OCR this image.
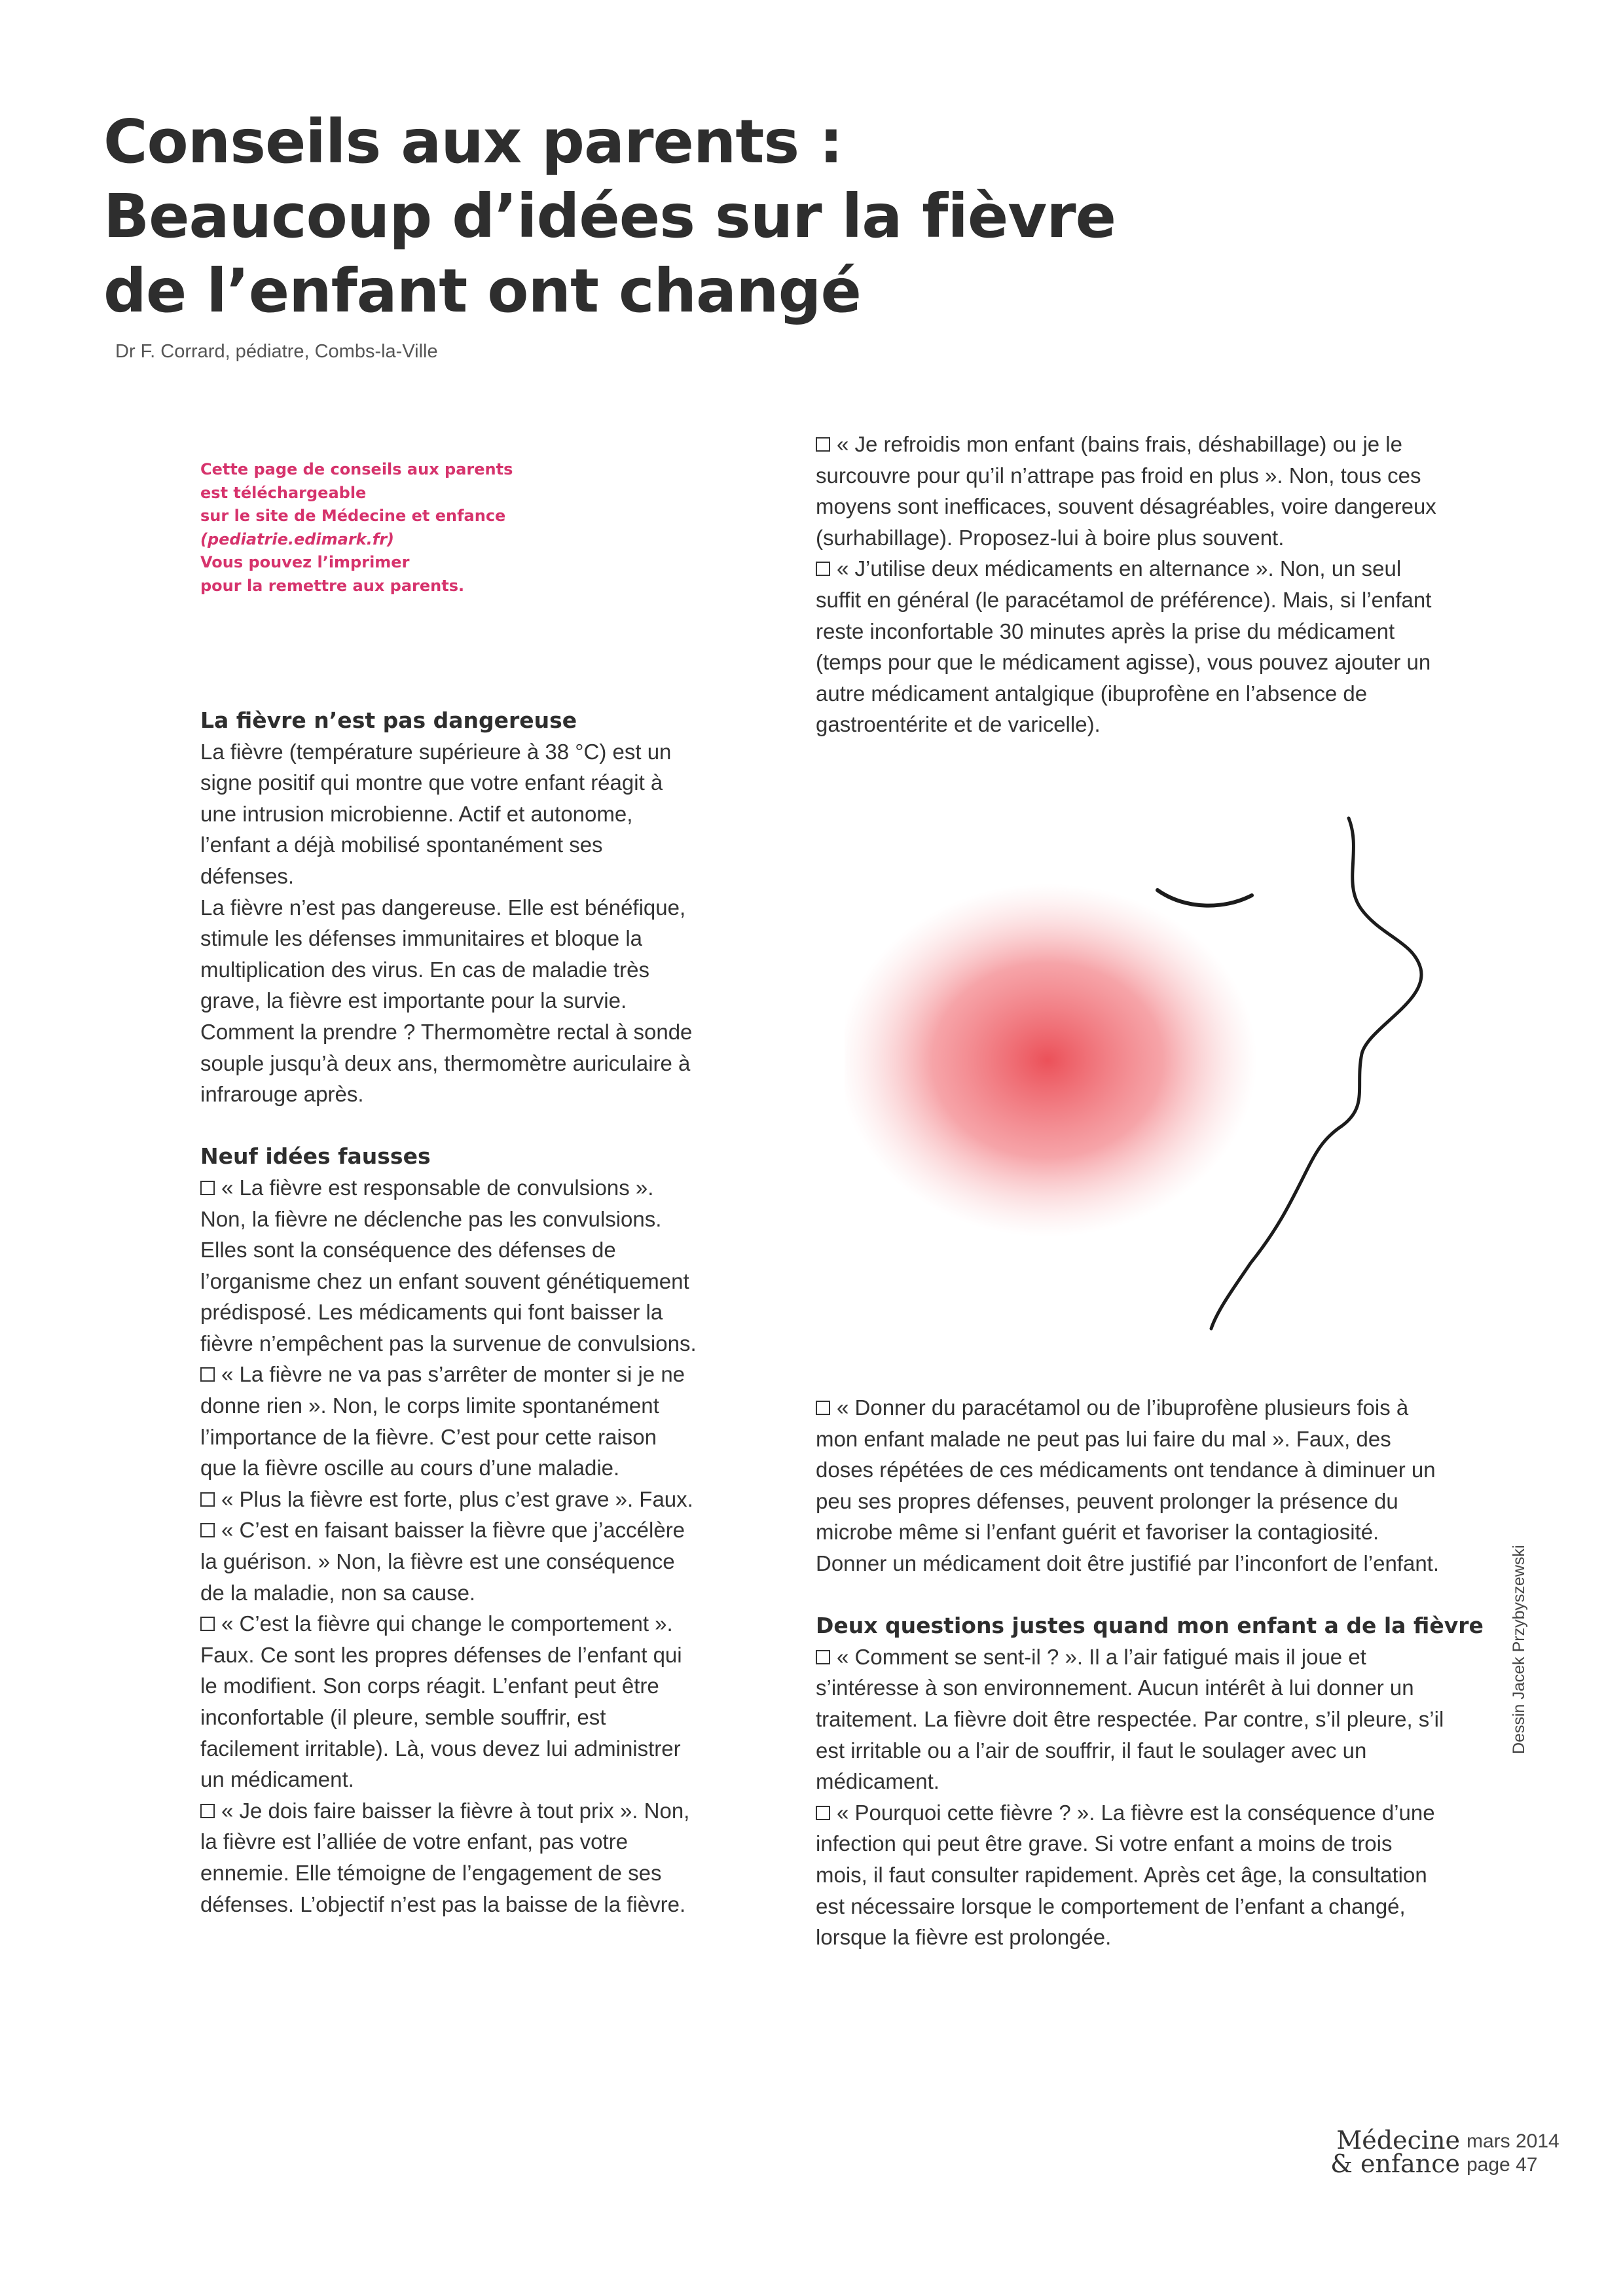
Conseils aux parents :
Beaucoup d’idées sur la fièvre
de l’enfant ont changé
Dr F. Corrard, pédiatre, Combs-la-Ville
Cette page de conseils aux parents
est téléchargeable
sur le site de Médecine et enfance
(pediatrie.edimark.fr)
Vous pouvez l’imprimer
pour la remettre aux parents.
La fièvre n’est pas dangereuse

La fièvre (température supérieure à 38 °C) est un signe positif qui montre que votre enfant réagit à une intrusion microbienne. Actif et autonome, l’enfant a déjà mobilisé spontanément ses défenses.

La fièvre n’est pas dangereuse. Elle est bénéfique, stimule les défenses immunitaires et bloque la multiplication des virus. En cas de maladie très grave, la fièvre est importante pour la survie.

Comment la prendre ? Thermomètre rectal à sonde souple jusqu’à deux ans, thermomètre auriculaire à infrarouge après.

Neuf idées fausses

« La fièvre est responsable de convulsions ». Non, la fièvre ne déclenche pas les convulsions. Elles sont la conséquence des défenses de l’organisme chez un enfant souvent génétiquement prédisposé. Les médicaments qui font baisser la fièvre n’empêchent pas la survenue de convulsions.

« La fièvre ne va pas s’arrêter de monter si je ne donne rien ». Non, le corps limite spontanément l’importance de la fièvre. C’est pour cette raison que la fièvre oscille au cours d’une maladie.

« Plus la fièvre est forte, plus c’est grave ». Faux.

« C’est en faisant baisser la fièvre que j’accélère la guérison. » Non, la fièvre est une conséquence de la maladie, non sa cause.

« C’est la fièvre qui change le comportement ». Faux. Ce sont les propres défenses de l’enfant qui le modifient. Son corps réagit. L’enfant peut être inconfortable (il pleure, semble souffrir, est facilement irritable). Là, vous devez lui administrer un médicament.

« Je dois faire baisser la fièvre à tout prix ». Non, la fièvre est l’alliée de votre enfant, pas votre ennemie. Elle témoigne de l’engagement de ses défenses. L’objectif n’est pas la baisse de la fièvre.

« Je refroidis mon enfant (bains frais, déshabillage) ou je le surcouvre pour qu’il n’attrape pas froid en plus ». Non, tous ces moyens sont inefficaces, souvent désagréables, voire dangereux (surhabillage). Proposez-lui à boire plus souvent.

« J’utilise deux médicaments en alternance ». Non, un seul suffit en général (le paracétamol de préférence). Mais, si l’enfant reste inconfortable 30 minutes après la prise du médicament (temps pour que le médicament agisse), vous pouvez ajouter un autre médicament antalgique (ibuprofène en l’absence de gastroentérite et de varicelle).

« Donner du paracétamol ou de l’ibuprofène plusieurs fois à mon enfant malade ne peut pas lui faire du mal ». Faux, des doses répétées de ces médicaments ont tendance à diminuer un peu ses propres défenses, peuvent prolonger la présence du microbe même si l’enfant guérit et favoriser la contagiosité. Donner un médicament doit être justifié par l’inconfort de l’enfant.

Deux questions justes quand mon enfant a de la fièvre

« Comment se sent-il ? ». Il a l’air fatigué mais il joue et s’intéresse à son environnement. Aucun intérêt à lui donner un traitement. La fièvre doit être respectée. Par contre, s’il pleure, s’il est irritable ou a l’air de souffrir, il faut le soulager avec un médicament.

« Pourquoi cette fièvre ? ». La fièvre est la conséquence d’une infection qui peut être grave. Si votre enfant a moins de trois mois, il faut consulter rapidement. Après cet âge, la consultation est nécessaire lorsque le comportement de l’enfant a changé, lorsque la fièvre est prolongée.

Dessin Jacek Przybyszewski
Médecine
& enfance
mars 2014
page 47
